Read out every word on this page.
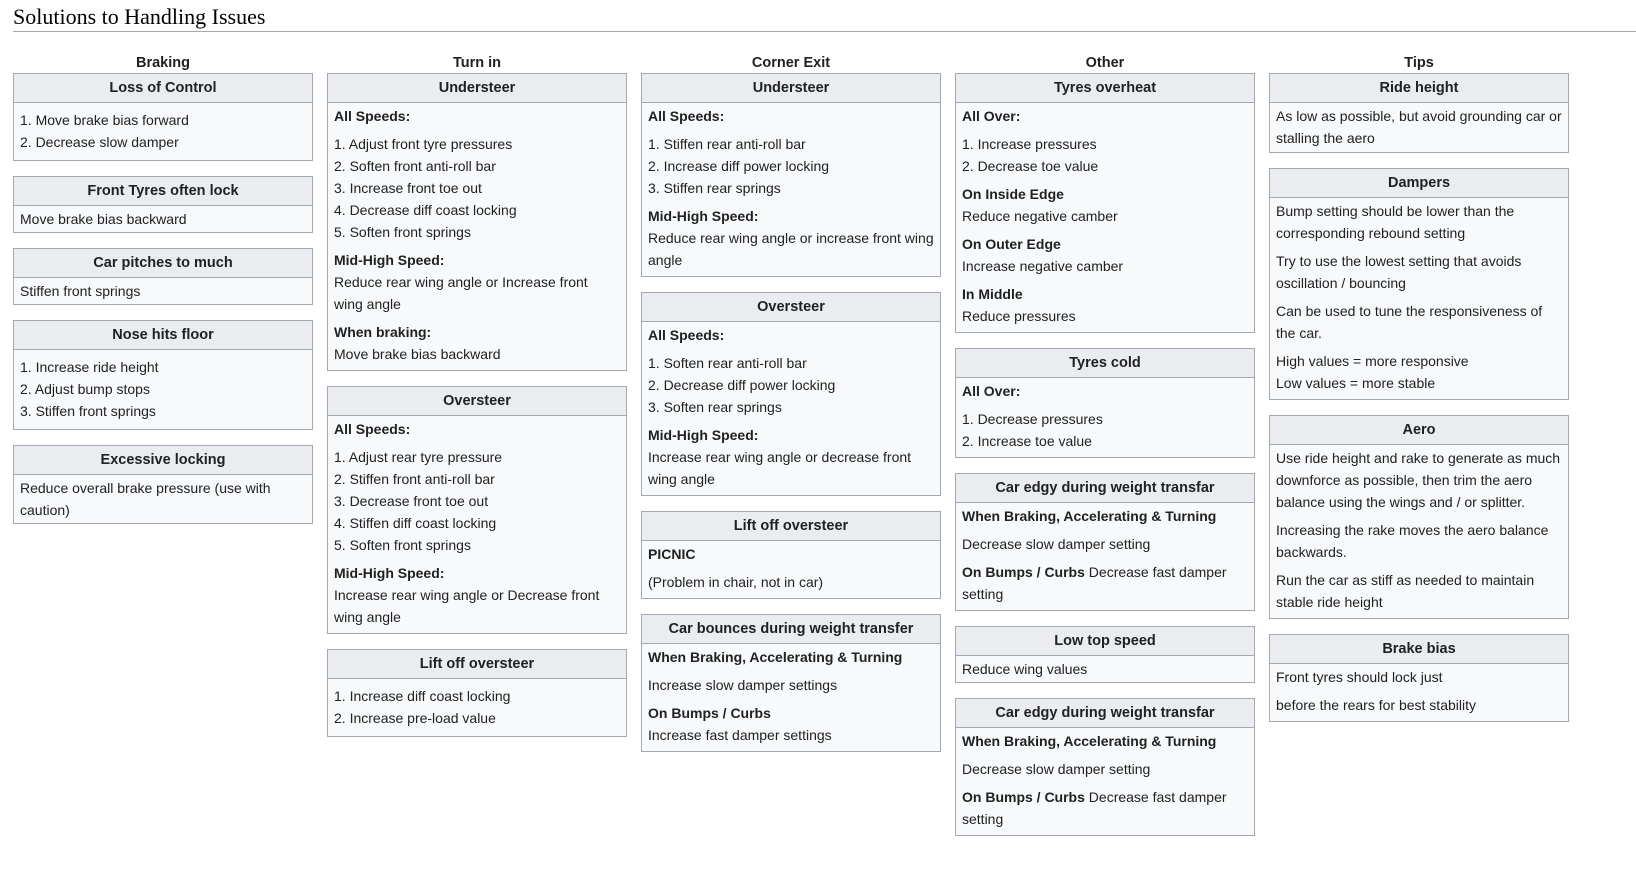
Solutions to Handling Issues
Braking
Loss of Control
1. Move brake bias forward
2. Decrease slow damper
Front Tyres often lock
Move brake bias backward
Car pitches to much
Stiffen front springs
Nose hits floor
1. Increase ride height
2. Adjust bump stops
3. Stiffen front springs
Excessive locking
Reduce overall brake pressure (use with caution)
Turn in
Understeer
All Speeds:
1. Adjust front tyre pressures
2. Soften front anti-roll bar
3. Increase front toe out
4. Decrease diff coast locking
5. Soften front springs
Mid-High Speed:
Reduce rear wing angle or Increase front wing angle
When braking:
Move brake bias backward
Oversteer
All Speeds:
1. Adjust rear tyre pressure
2. Stiffen front anti-roll bar
3. Decrease front toe out
4. Stiffen diff coast locking
5. Soften front springs
Mid-High Speed:
Increase rear wing angle or Decrease front wing angle
Lift off oversteer
1. Increase diff coast locking
2. Increase pre-load value
Corner Exit
Understeer
All Speeds:
1. Stiffen rear anti-roll bar
2. Increase diff power locking
3. Stiffen rear springs
Mid-High Speed:
Reduce rear wing angle or increase front wing angle
Oversteer
All Speeds:
1. Soften rear anti-roll bar
2. Decrease diff power locking
3. Soften rear springs
Mid-High Speed:
Increase rear wing angle or decrease front wing angle
Lift off oversteer
PICNIC
(Problem in chair, not in car)
Car bounces during weight transfer
When Braking, Accelerating & Turning
Increase slow damper settings
On Bumps / Curbs
Increase fast damper settings
Other
Tyres overheat
All Over:
1. Increase pressures
2. Decrease toe value
On Inside Edge
Reduce negative camber
On Outer Edge
Increase negative camber
In Middle
Reduce pressures
Tyres cold
All Over:
1. Decrease pressures
2. Increase toe value
Car edgy during weight transfar
When Braking, Accelerating & Turning
Decrease slow damper setting
On Bumps / Curbs Decrease fast damper setting
Low top speed
Reduce wing values
Car edgy during weight transfar
When Braking, Accelerating & Turning
Decrease slow damper setting
On Bumps / Curbs Decrease fast damper setting
Tips
Ride height
As low as possible, but avoid grounding car or stalling the aero
Dampers
Bump setting should be lower than the corresponding rebound setting
Try to use the lowest setting that avoids oscillation / bouncing
Can be used to tune the responsiveness of the car.
High values = more responsive
Low values = more stable
Aero
Use ride height and rake to generate as much downforce as possible, then trim the aero balance using the wings and / or splitter.
Increasing the rake moves the aero balance backwards.
Run the car as stiff as needed to maintain stable ride height
Brake bias
Front tyres should lock just
before the rears for best stability
